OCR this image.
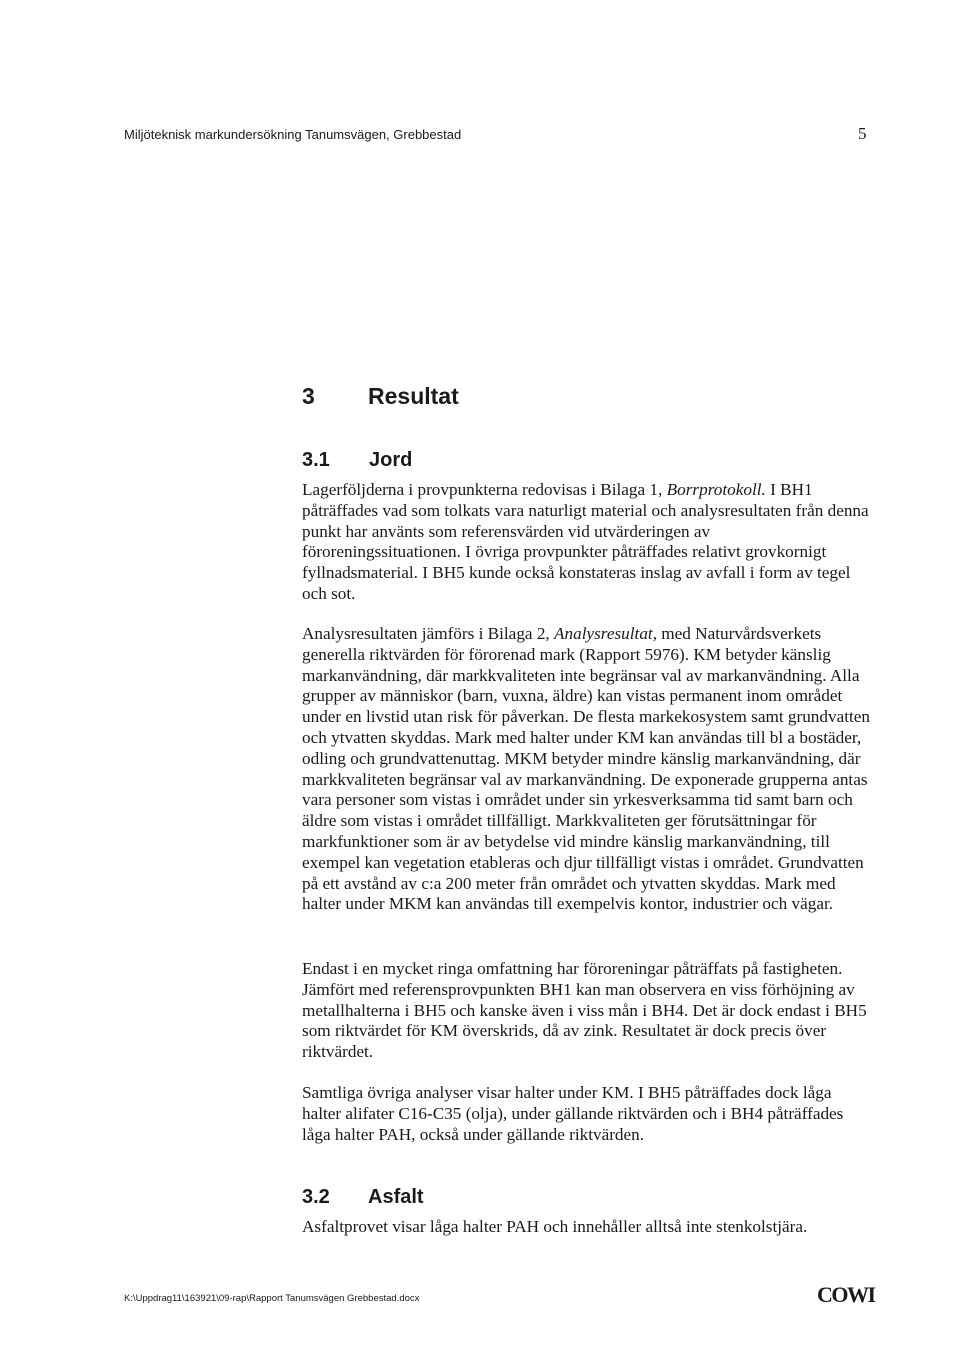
Miljöteknisk markundersökning Tanumsvägen, Grebbestad	5
3 Resultat
3.1 Jord

Lagerföljderna i provpunkterna redovisas i Bilaga 1, Borrprotokoll. I BH1 påträffades vad som tolkats vara naturligt material och analysresultaten från denna punkt har använts som referensvärden vid utvärderingen av föroreningssituationen. I övriga provpunkter påträffades relativt grovkornigt fyllnadsmaterial. I BH5 kunde också konstateras inslag av avfall i form av tegel och sot.

Analysresultaten jämförs i Bilaga 2, Analysresultat, med Naturvårdsverkets generella riktvärden för förorenad mark (Rapport 5976). KM betyder känslig markanvändning, där markkvaliteten inte begränsar val av markanvändning. Alla grupper av människor (barn, vuxna, äldre) kan vistas permanent inom området under en livstid utan risk för påverkan. De flesta markekosystem samt grundvatten och ytvatten skyddas. Mark med halter under KM kan användas till bl a bostäder, odling och grundvattenuttag. MKM betyder mindre känslig markanvändning, där markkvaliteten begränsar val av markanvändning. De exponerade grupperna antas vara personer som vistas i området under sin yrkesverksamma tid samt barn och äldre som vistas i området tillfälligt. Markkvaliteten ger förutsättningar för markfunktioner som är av betydelse vid mindre känslig markanvändning, till exempel kan vegetation etableras och djur tillfälligt vistas i området. Grundvatten på ett avstånd av c:a 200 meter från området och ytvatten skyddas. Mark med halter under MKM kan användas till exempelvis kontor, industrier och vägar.

Endast i en mycket ringa omfattning har föroreningar påträffats på fastigheten. Jämfört med referensprovpunkten BH1 kan man observera en viss förhöjning av metallhalterna i BH5 och kanske även i viss mån i BH4. Det är dock endast i BH5 som riktvärdet för KM överskrids, då av zink. Resultatet är dock precis över riktvärdet.

Samtliga övriga analyser visar halter under KM. I BH5 påträffades dock låga halter alifater C16-C35 (olja), under gällande riktvärden och i BH4 påträffades låga halter PAH, också under gällande riktvärden.

3.2 Asfalt

Asfaltprovet visar låga halter PAH och innehåller alltså inte stenkolstjära.

K:\Uppdrag11\163921\09-rap\Rapport Tanumsvägen Grebbestad.docx	COWI
